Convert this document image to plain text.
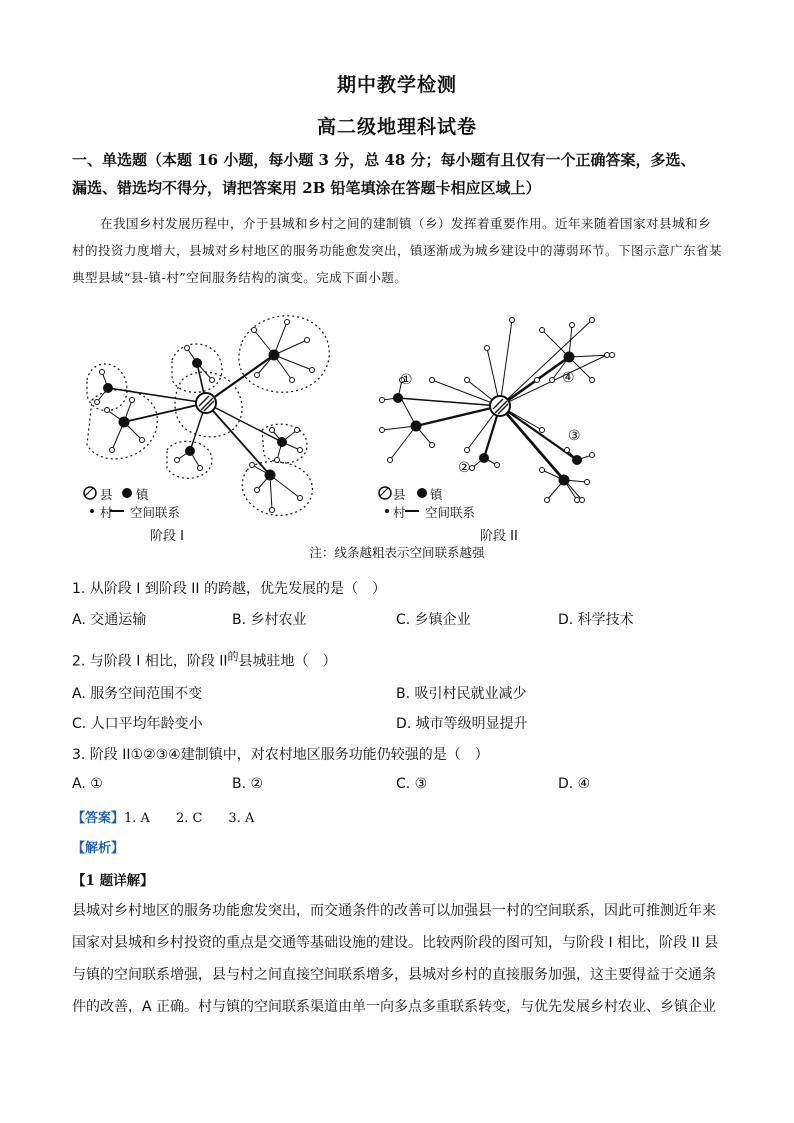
期中教学检测
高二级地理科试卷
一、单选题（本题 16 小题，每小题 3 分，总 48 分；每小题有且仅有一个正确答案，多选、
漏选、错选均不得分，请把答案用 2B 铅笔填涂在答题卡相应区域上）
在我国乡村发展历程中，介于县城和乡村之间的建制镇（乡）发挥着重要作用。近年来随着国家对县城和乡村的投资力度增大，县城对乡村地区的服务功能愈发突出，镇逐渐成为城乡建设中的薄弱环节。下图示意广东省某典型县域“县-镇-村”空间服务结构的演变。完成下面小题。
①
②
③
④
县 镇
村 空间联系
县 镇
村 空间联系
阶段 I	阶段 II
注：线条越粗表示空间联系越强
1. 从阶段 I 到阶段 II 的跨越，优先发展的是（　）
A. 交通运输	B. 乡村农业	C. 乡镇企业	D. 科学技术
2. 与阶段 I 相比，阶段 $II^的$县城驻地（　）
A. 服务空间范围不变	B. 吸引村民就业减少
C. 人口平均年龄变小	D. 城市等级明显提升
3. 阶段 II①②③④建制镇中，对农村地区服务功能仍较强的是（　）
A. ①	B. ②	C. ③	D. ④
【答案】1. A　　2. C　　3. A
【解析】
【1 题详解】
县城对乡村地区的服务功能愈发突出，而交通条件的改善可以加强县一村的空间联系，因此可推测近年来国家对县城和乡村投资的重点是交通等基础设施的建设。比较两阶段的图可知，与阶段 I 相比，阶段 II 县与镇的空间联系增强，县与村之间直接空间联系增多，县城对乡村的直接服务加强，这主要得益于交通条件的改善，A 正确。村与镇的空间联系渠道由单一向多点多重联系转变，与优先发展乡村农业、乡镇企业
